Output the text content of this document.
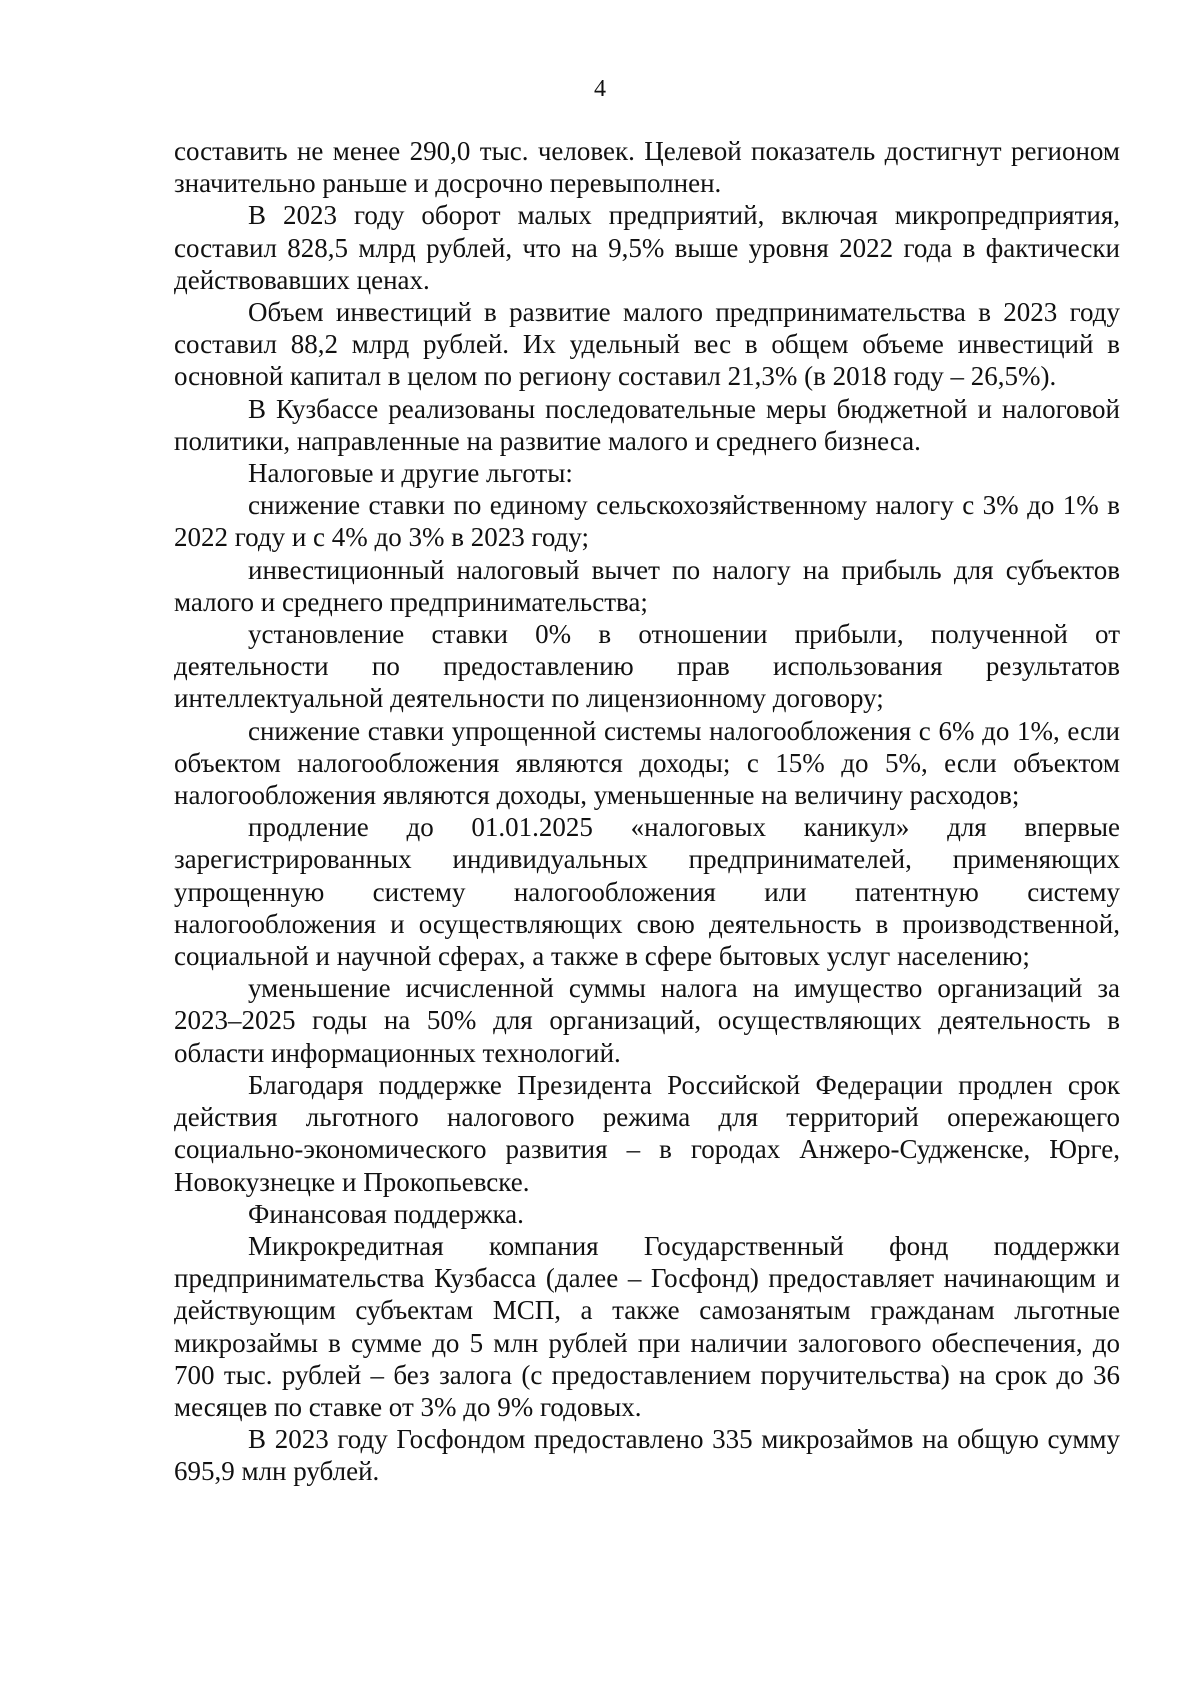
4

составить не менее 290,0 тыс. человек. Целевой показатель достигнут регионом значительно раньше и досрочно перевыполнен.

В 2023 году оборот малых предприятий, включая микропредприятия, составил 828,5 млрд рублей, что на 9,5% выше уровня 2022 года в фактически действовавших ценах.

Объем инвестиций в развитие малого предпринимательства в 2023 году составил 88,2 млрд рублей. Их удельный вес в общем объеме инвестиций в основной капитал в целом по региону составил 21,3% (в 2018 году – 26,5%).

В Кузбассе реализованы последовательные меры бюджетной и налоговой политики, направленные на развитие малого и среднего бизнеса.

Налоговые и другие льготы:

снижение ставки по единому сельскохозяйственному налогу с 3% до 1% в 2022 году и с 4% до 3% в 2023 году;

инвестиционный налоговый вычет по налогу на прибыль для субъектов малого и среднего предпринимательства;

установление ставки 0% в отношении прибыли, полученной от деятельности по предоставлению прав использования результатов интеллектуальной деятельности по лицензионному договору;

снижение ставки упрощенной системы налогообложения с 6% до 1%, если объектом налогообложения являются доходы; с 15% до 5%, если объектом налогообложения являются доходы, уменьшенные на величину расходов;

продление до 01.01.2025 «налоговых каникул» для впервые зарегистрированных индивидуальных предпринимателей, применяющих упрощенную систему налогообложения или патентную систему налогообложения и осуществляющих свою деятельность в производственной, социальной и научной сферах, а также в сфере бытовых услуг населению;

уменьшение исчисленной суммы налога на имущество организаций за 2023–2025 годы на 50% для организаций, осуществляющих деятельность в области информационных технологий.

Благодаря поддержке Президента Российской Федерации продлен срок действия льготного налогового режима для территорий опережающего социально-экономического развития – в городах Анжеро-Судженске, Юрге, Новокузнецке и Прокопьевске.

Финансовая поддержка.

Микрокредитная компания Государственный фонд поддержки предпринимательства Кузбасса (далее – Госфонд) предоставляет начинающим и действующим субъектам МСП, а также самозанятым гражданам льготные микрозаймы в сумме до 5 млн рублей при наличии залогового обеспечения, до 700 тыс. рублей – без залога (с предоставлением поручительства) на срок до 36 месяцев по ставке от 3% до 9% годовых.

В 2023 году Госфондом предоставлено 335 микрозаймов на общую сумму 695,9 млн рублей.
